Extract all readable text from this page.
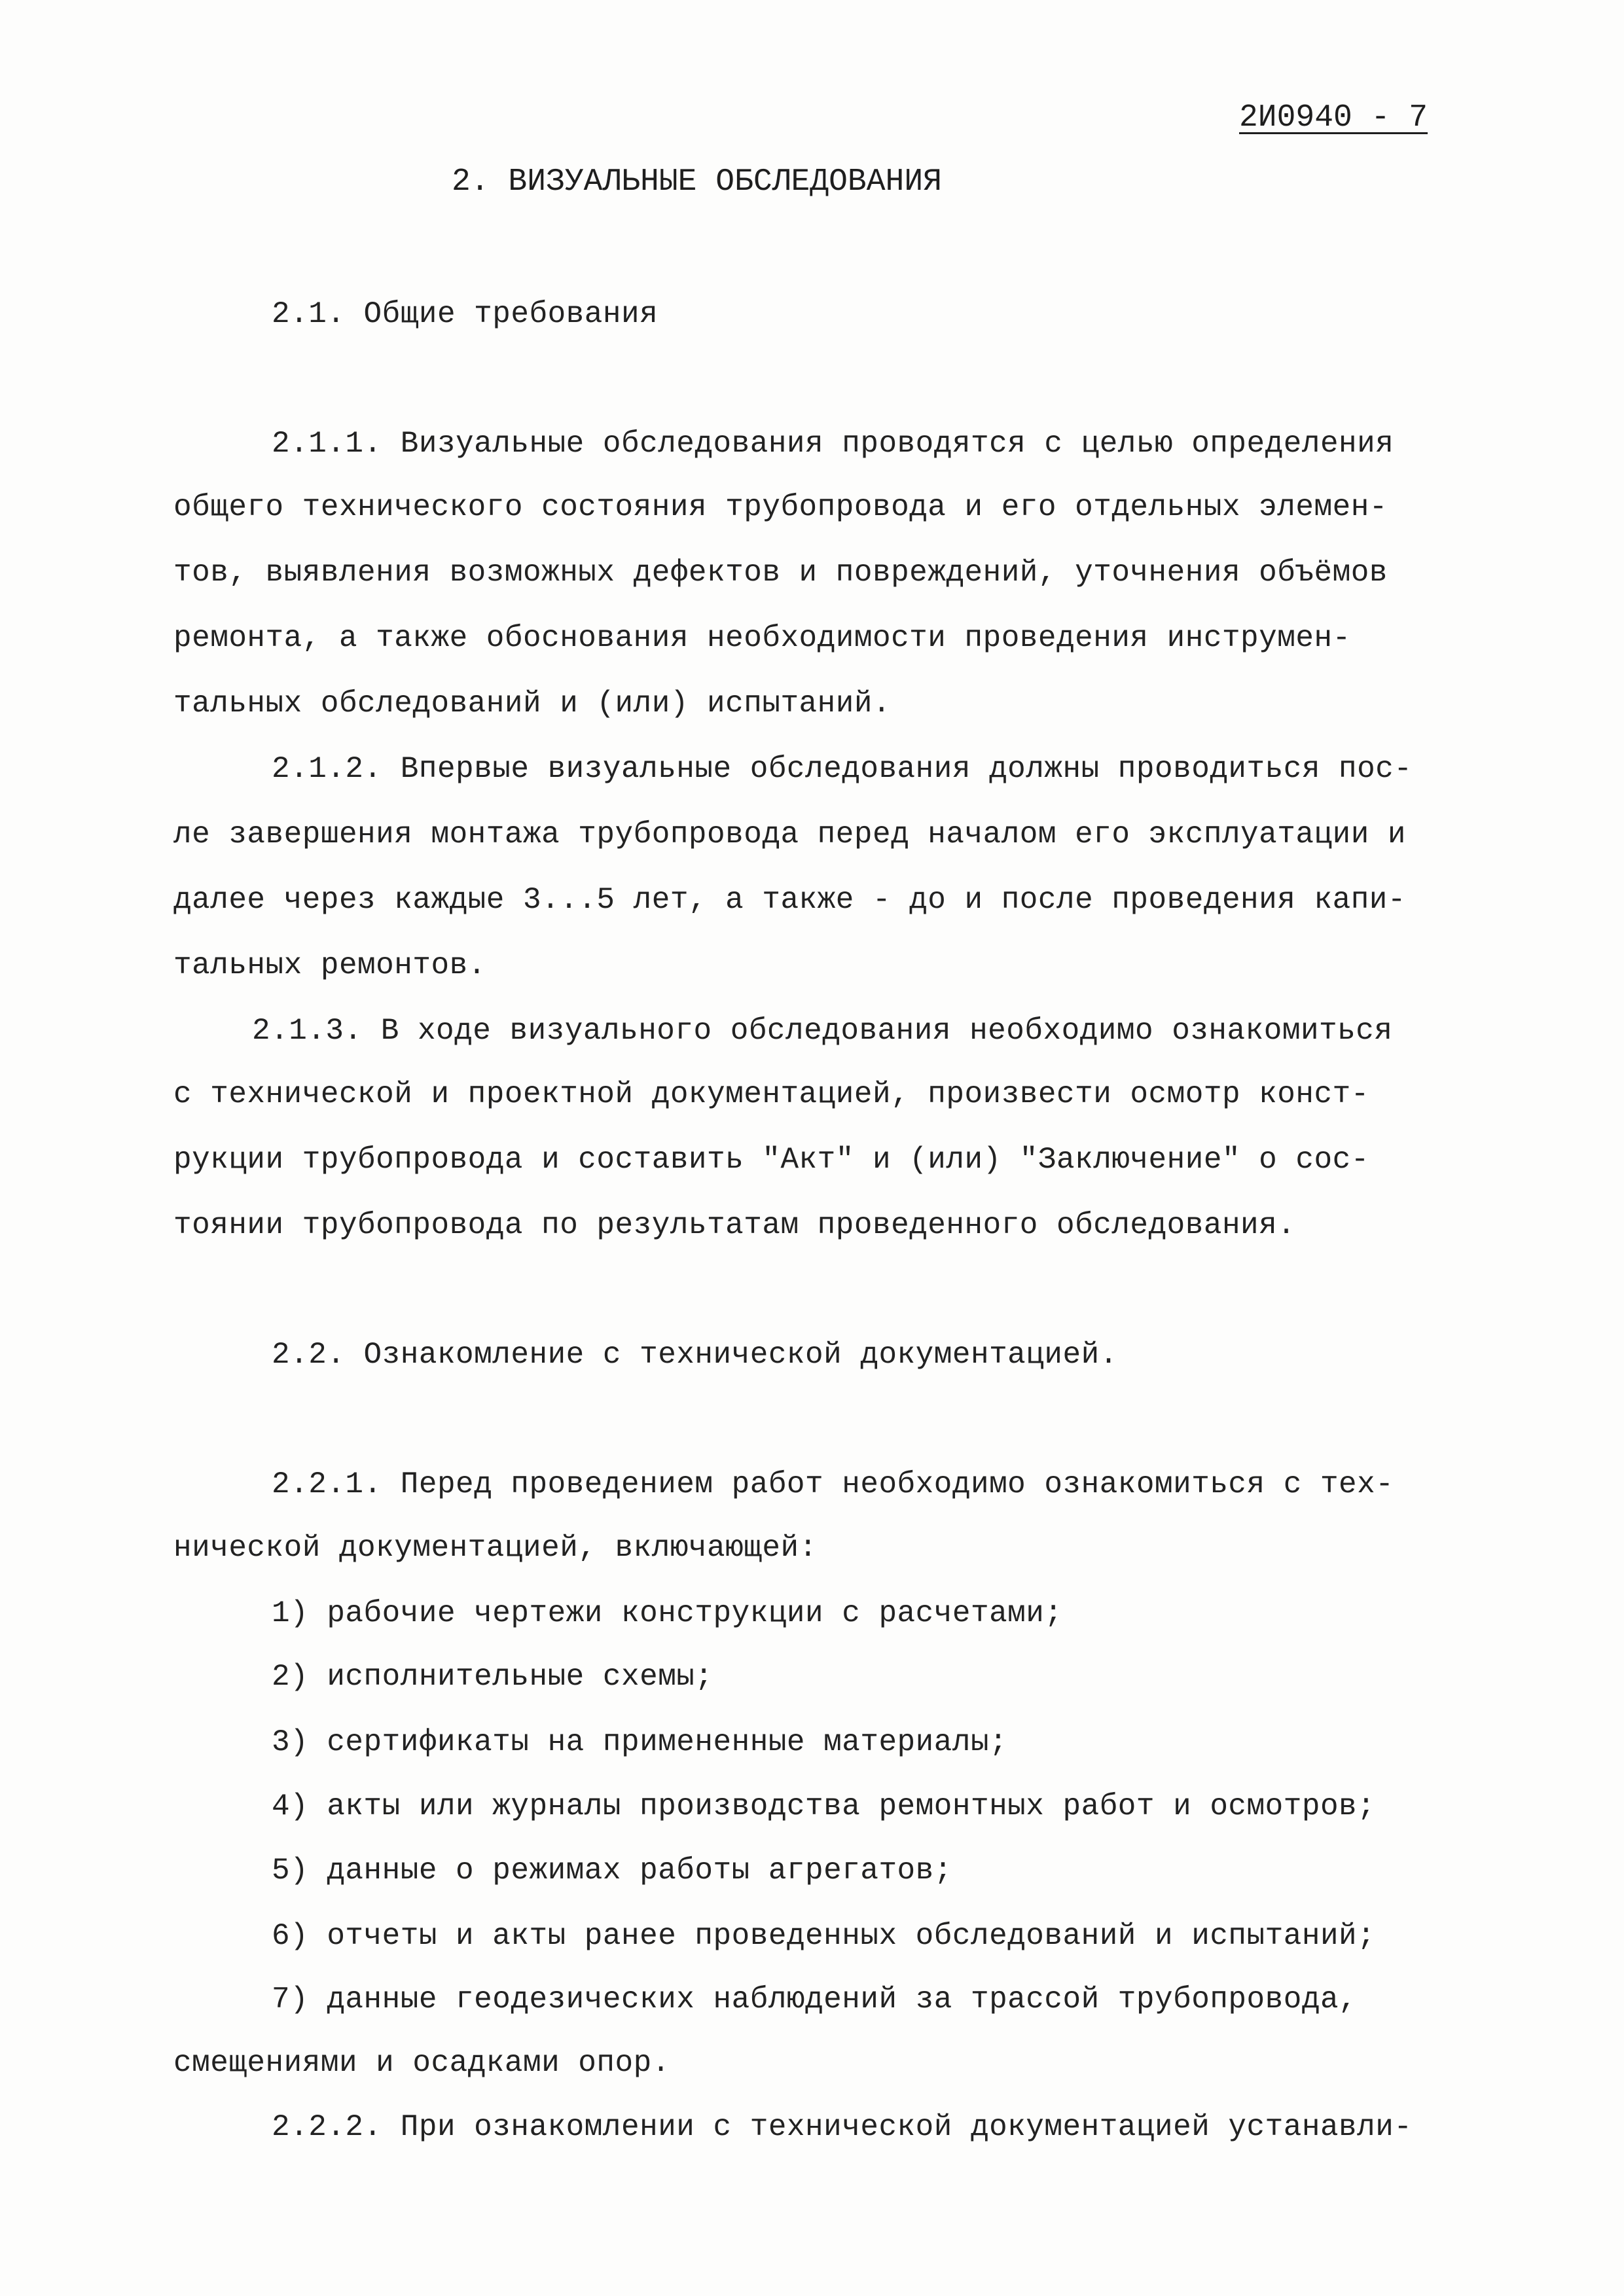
2И0940 - 7
2. ВИЗУАЛЬНЫЕ ОБСЛЕДОВАНИЯ
2.1. Общие требования
2.1.1. Визуальные обследования проводятся с целью определения
общего технического состояния трубопровода и его отдельных элемен-
тов, выявления возможных дефектов и повреждений, уточнения объёмов
ремонта, а также обоснования необходимости проведения инструмен-
тальных обследований и (или) испытаний.
2.1.2. Впервые визуальные обследования должны проводиться пос-
ле завершения монтажа трубопровода перед началом его эксплуатации и
далее через каждые 3...5 лет, а также - до и после проведения капи-
тальных ремонтов.
2.1.3. В ходе визуального обследования необходимо ознакомиться
с технической и проектной документацией, произвести осмотр конст-
рукции трубопровода и составить "Акт" и (или) "Заключение" о сос-
тоянии трубопровода по результатам проведенного обследования.
2.2. Ознакомление с технической документацией.
2.2.1. Перед проведением работ необходимо ознакомиться с тех-
нической документацией, включающей:
1) рабочие чертежи конструкции с расчетами;
2) исполнительные схемы;
3) сертификаты на примененные материалы;
4) акты или журналы производства ремонтных работ и осмотров;
5) данные о режимах работы агрегатов;
6) отчеты и акты ранее проведенных обследований и испытаний;
7) данные геодезических наблюдений за трассой трубопровода,
смещениями и осадками опор.
2.2.2. При ознакомлении с технической документацией устанавли-
